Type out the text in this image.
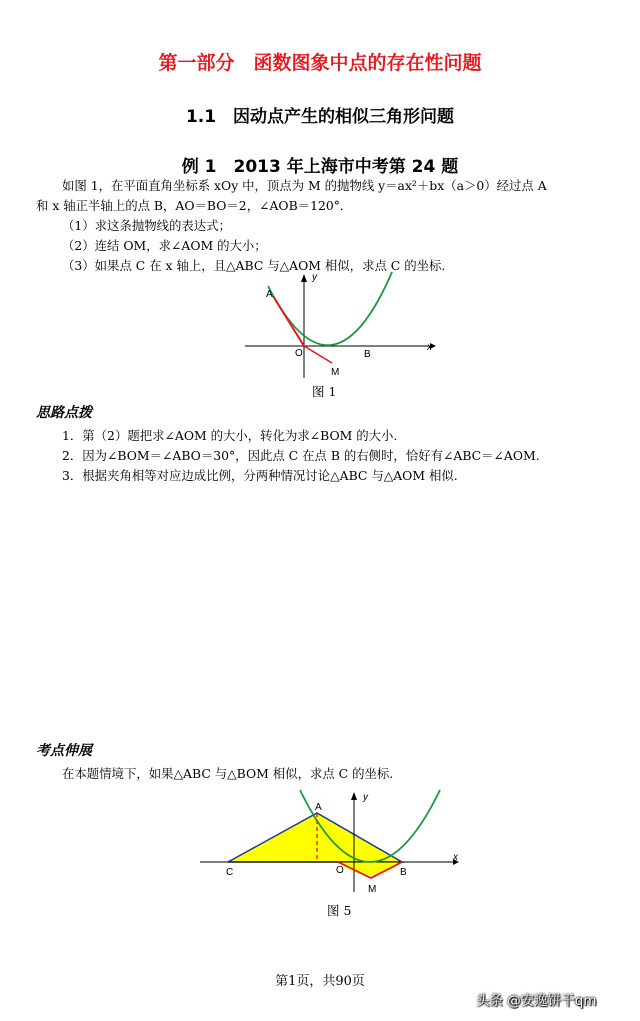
第一部分　函数图象中点的存在性问题
1.1　因动点产生的相似三角形问题
例 1　2013 年上海市中考第 24 题
如图 1，在平面直角坐标系 xOy 中，顶点为 M 的抛物线 y＝ax²＋bx（a＞0）经过点 A
和 x 轴正半轴上的点 B，AO＝BO＝2，∠AOB＝120°．
（1）求这条抛物线的表达式；
（2）连结 OM，求∠AOM 的大小；
（3）如果点 C 在 x 轴上，且△ABC 与△AOM 相似，求点 C 的坐标.
A
O	B
M
x
y
图 1
思路点拨
1．第（2）题把求∠AOM 的大小，转化为求∠BOM 的大小.
2．因为∠BOM＝∠ABO＝30°，因此点 C 在点 B 的右侧时，恰好有∠ABC＝∠AOM.
3．根据夹角相等对应边成比例，分两种情况讨论△ABC 与△AOM 相似.
考点伸展
在本题情境下，如果△ABC 与△BOM 相似，求点 C 的坐标.
A
C	O	B
M
x
y
图 5
第1页，共90页
头条 @安逸饼干qm
